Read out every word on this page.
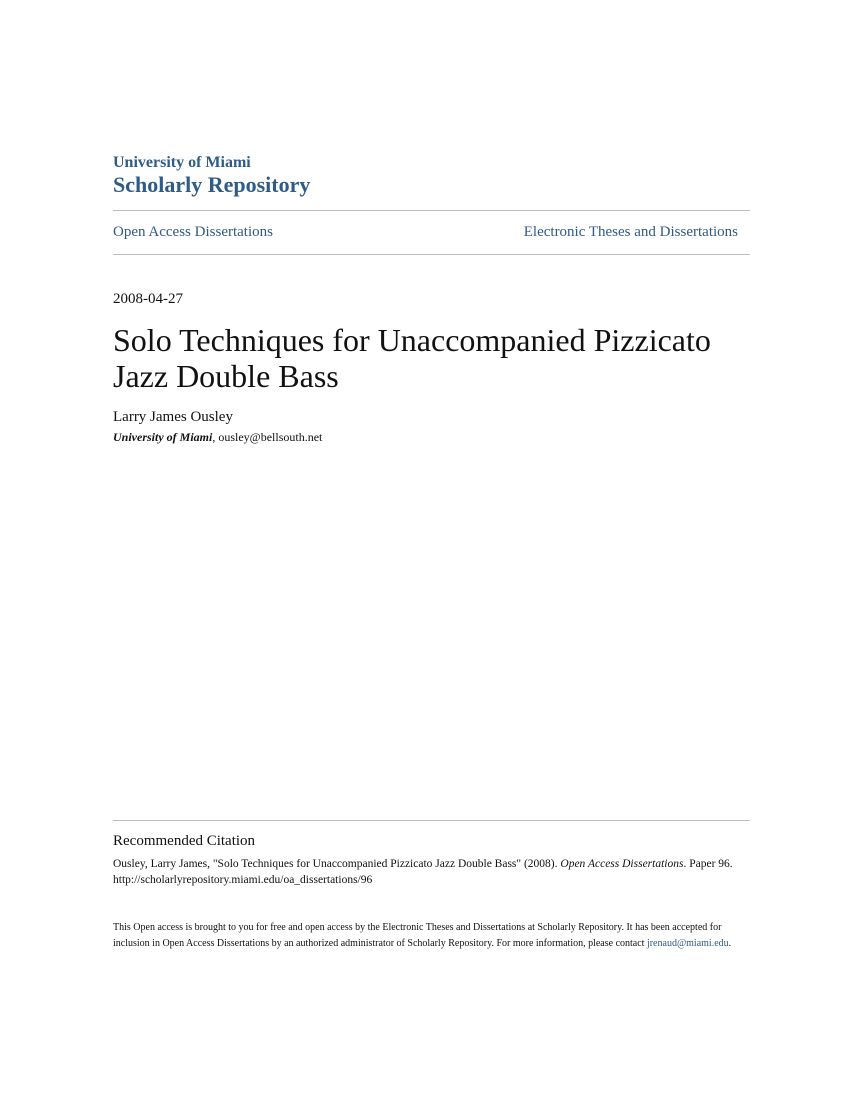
University of Miami
Scholarly Repository
Open Access Dissertations	Electronic Theses and Dissertations
2008-04-27
Solo Techniques for Unaccompanied Pizzicato Jazz Double Bass
Larry James Ousley
University of Miami, ousley@bellsouth.net
Recommended Citation
Ousley, Larry James, "Solo Techniques for Unaccompanied Pizzicato Jazz Double Bass" (2008). Open Access Dissertations. Paper 96.
http://scholarlyrepository.miami.edu/oa_dissertations/96
This Open access is brought to you for free and open access by the Electronic Theses and Dissertations at Scholarly Repository. It has been accepted for inclusion in Open Access Dissertations by an authorized administrator of Scholarly Repository. For more information, please contact jrenaud@miami.edu.
